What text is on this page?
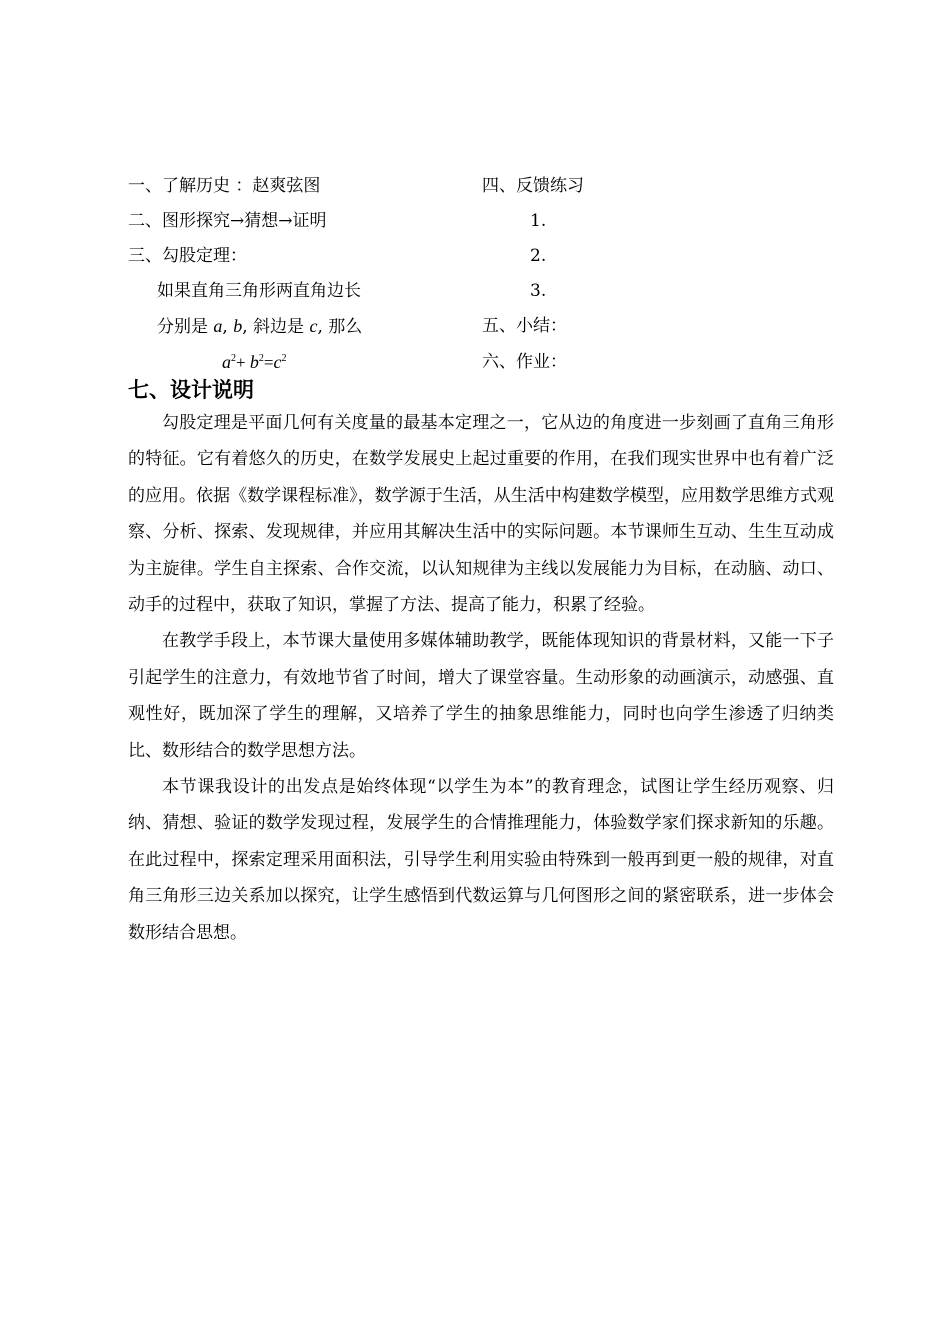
一、了解历史 ：赵爽弦图
二、图形探究→猜想→证明
三、勾股定理：
如果直角三角形两直角边长
分别是 a, b, 斜边是 c, 那么
$a^2+ b^2=c^2$
四、反馈练习
1.
2.
3.
五、小结：
六、作业：
七、设计说明

勾股定理是平面几何有关度量的最基本定理之一，它从边的角度进一步刻画了直角三角形的特征。它有着悠久的历史，在数学发展史上起过重要的作用，在我们现实世界中也有着广泛的应用。依据《数学课程标准》，数学源于生活，从生活中构建数学模型，应用数学思维方式观察、分析、探索、发现规律，并应用其解决生活中的实际问题。本节课师生互动、生生互动成为主旋律。学生自主探索、合作交流，以认知规律为主线以发展能力为目标，在动脑、动口、动手的过程中，获取了知识，掌握了方法、提高了能力，积累了经验。

在教学手段上，本节课大量使用多媒体辅助教学，既能体现知识的背景材料，又能一下子引起学生的注意力，有效地节省了时间，增大了课堂容量。生动形象的动画演示，动感强、直观性好，既加深了学生的理解，又培养了学生的抽象思维能力，同时也向学生渗透了归纳类比、数形结合的数学思想方法。

本节课我设计的出发点是始终体现“以学生为本”的教育理念，试图让学生经历观察、归纳、猜想、验证的数学发现过程，发展学生的合情推理能力，体验数学家们探求新知的乐趣。在此过程中，探索定理采用面积法，引导学生利用实验由特殊到一般再到更一般的规律，对直角三角形三边关系加以探究，让学生感悟到代数运算与几何图形之间的紧密联系，进一步体会数形结合思想。
